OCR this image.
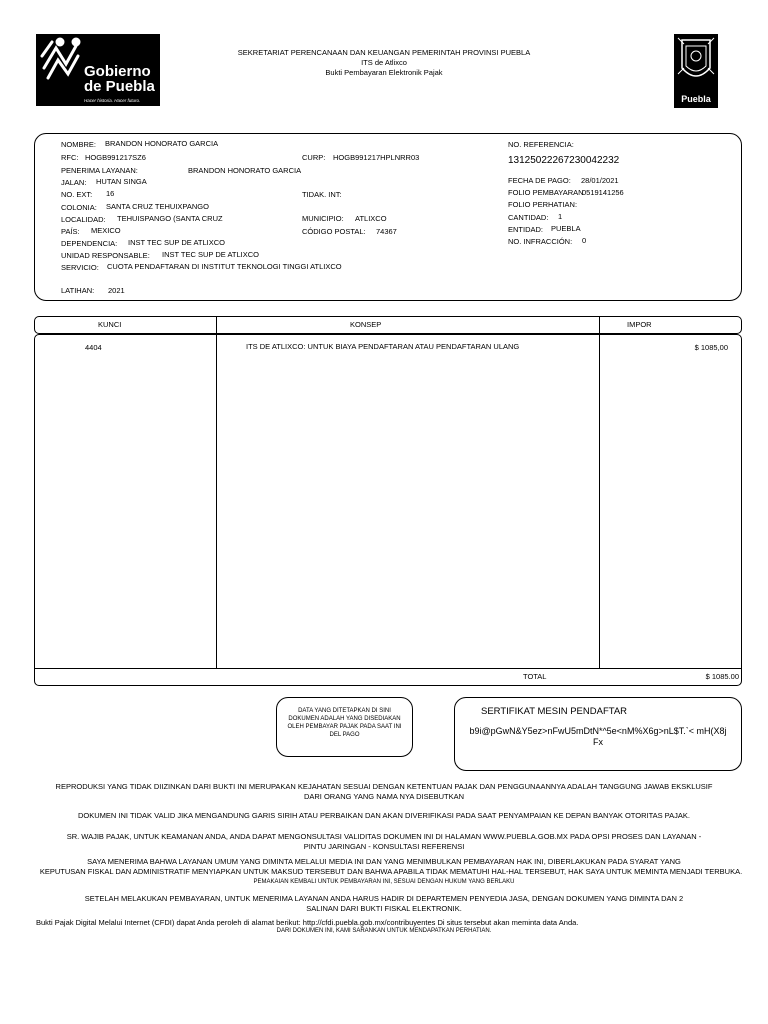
Gobierno
de Puebla
Hacer historia. Hacer futuro.
SEKRETARIAT PERENCANAAN DAN KEUANGAN PEMERINTAH PROVINSI PUEBLA
ITS de Atlixco
Bukti Pembayaran Elektronik Pajak
Puebla
NOMBRE: BRANDON HONORATO GARCIA
RFC: HOGB991217SZ6	CURP: HOGB991217HPLNRR03
PENERIMA LAYANAN:	BRANDON HONORATO GARCIA
JALAN: HUTAN SINGA
NO. EXT: 16	TIDAK. INT:
COLONIA: SANTA CRUZ TEHUIXPANGO
LOCALIDAD: TEHUISPANGO (SANTA CRUZ	MUNICIPIO: ATLIXCO
PAÍS: MEXICO	CÓDIGO POSTAL: 74367
DEPENDENCIA: INST TEC SUP DE ATLIXCO
UNIDAD RESPONSABLE: INST TEC SUP DE ATLIXCO
SERVICIO: CUOTA PENDAFTARAN DI INSTITUT TEKNOLOGI TINGGI ATLIXCO
LATIHAN: 2021
NO. REFERENCIA:
13125022267230042232
FECHA DE PAGO: 28/01/2021
FOLIO PEMBAYARAN
0519141256
FOLIO PERHATIAN:
CANTIDAD: 1
ENTIDAD: PUEBLA
NO. INFRACCIÓN: 0
KUNCI	KONSEP	IMPOR
4404	ITS DE ATLIXCO: UNTUK BIAYA PENDAFTARAN ATAU PENDAFTARAN ULANG	$ 1085,00
TOTAL	$ 1085.00
DATA YANG DITETAPKAN DI SINI DOKUMEN ADALAH YANG DISEDIAKAN OLEH PEMBAYAR PAJAK PADA SAAT INI DEL PAGO
SERTIFIKAT MESIN PENDAFTAR
b9i@pGwN&Y5ez>nFwU5mDtN*^5e<nM%X6g>nL$T.`< mH(X8jFx
REPRODUKSI YANG TIDAK DIIZINKAN DARI BUKTI INI MERUPAKAN KEJAHATAN SESUAI DENGAN KETENTUAN PAJAK DAN PENGGUNAANNYA ADALAH TANGGUNG JAWAB EKSKLUSIF
DARI ORANG YANG NAMA NYA DISEBUTKAN
DOKUMEN INI TIDAK VALID JIKA MENGANDUNG GARIS SIRIH ATAU PERBAIKAN DAN AKAN DIVERIFIKASI PADA SAAT PENYAMPAIAN KE DEPAN BANYAK OTORITAS PAJAK.
SR. WAJIB PAJAK, UNTUK KEAMANAN ANDA, ANDA DAPAT MENGONSULTASI VALIDITAS DOKUMEN INI DI HALAMAN WWW.PUEBLA.GOB.MX PADA OPSI PROSES DAN LAYANAN -
PINTU JARINGAN - KONSULTASI REFERENSI
SAYA MENERIMA BAHWA LAYANAN UMUM YANG DIMINTA MELALUI MEDIA INI DAN YANG MENIMBULKAN PEMBAYARAN HAK INI, DIBERLAKUKAN PADA SYARAT YANG
KEPUTUSAN FISKAL DAN ADMINISTRATIF MENYIAPKAN UNTUK MAKSUD TERSEBUT DAN BAHWA APABILA TIDAK MEMATUHI HAL-HAL TERSEBUT, HAK SAYA UNTUK MEMINTA MENJADI TERBUKA.
PEMAKAIAN KEMBALI UNTUK PEMBAYARAN INI, SESUAI DENGAN HUKUM YANG BERLAKU
SETELAH MELAKUKAN PEMBAYARAN, UNTUK MENERIMA LAYANAN ANDA HARUS HADIR DI DEPARTEMEN PENYEDIA JASA, DENGAN DOKUMEN YANG DIMINTA DAN 2
SALINAN DARI BUKTI FISKAL ELEKTRONIK.
Bukti Pajak Digital Melalui Internet (CFDI) dapat Anda peroleh di alamat berikut: http://cfdi.puebla.gob.mx/contribuyentes Di situs tersebut akan meminta data Anda.
DARI DOKUMEN INI, KAMI SARANKAN UNTUK MENDAPATKAN PERHATIAN.
